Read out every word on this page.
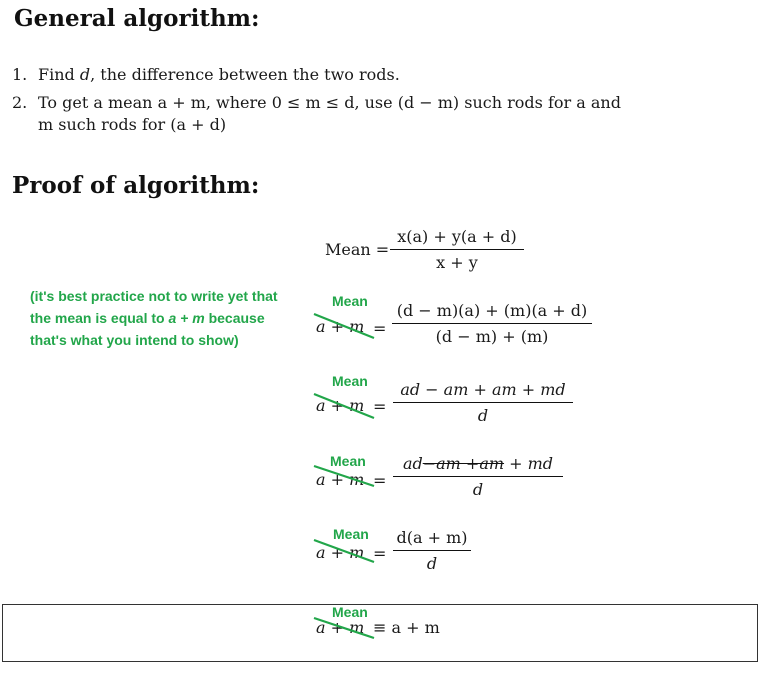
General algorithm:
1. Find d, the difference between the two rods.
2. To get a mean a + m, where 0 ≤ m ≤ d, use (d − m) such rods for a and
m such rods for (a + d)
Proof of algorithm:
Mean =
x(a) + y(a + d)
x + y
(it's best practice not to write yet that the mean is equal to a + m because that's what you intend to show)
Mean
a + m =
(d − m)(a) + (m)(a + d)
(d − m) + (m)
Mean
a + m =
ad − am + am + md
d
Mean
a + m =
ad−am +am + md
d
Mean
a + m =
d(a + m)
d
Mean
a + m ≡ a + m
